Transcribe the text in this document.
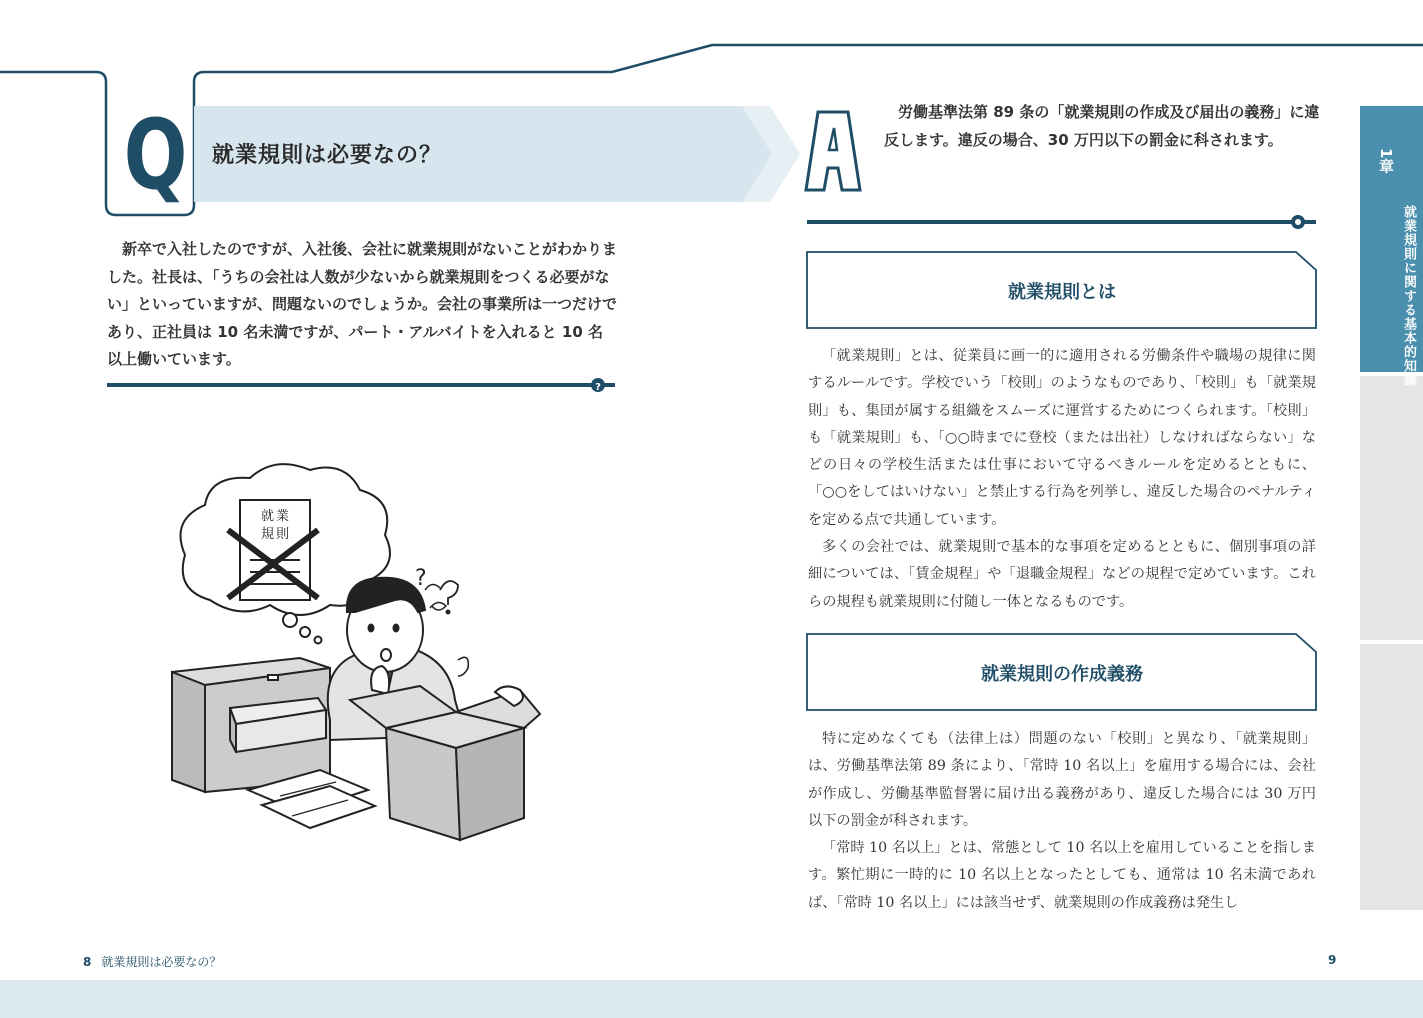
?
Q 就業規則は必要なの？

新卒で入社したのですが、入社後、会社に就業規則がないことがわかりました。社長は、「うちの会社は人数が少ないから就業規則をつくる必要がない」といっていますが、問題ないのでしょうか。会社の事業所は一つだけであり、正社員は 10 名未満ですが、パート・アルバイトを入れると 10 名以上働いています。

就業
規則
?

労働基準法第 89 条の「就業規則の作成及び届出の義務」に違反します。違反の場合、30 万円以下の罰金に科されます。

就業規則とは

「就業規則」とは、従業員に画一的に適用される労働条件や職場の規律に関するルールです。学校でいう「校則」のようなものであり、「校則」も「就業規則」も、集団が属する組織をスムーズに運営するためにつくられます。「校則」も「就業規則」も、「○○時までに登校（または出社）しなければならない」などの日々の学校生活または仕事において守るべきルールを定めるとともに、「○○をしてはいけない」と禁止する行為を列挙し、違反した場合のペナルティを定める点で共通しています。

多くの会社では、就業規則で基本的な事項を定めるとともに、個別事項の詳細については、「賃金規程」や「退職金規程」などの規程で定めています。これらの規程も就業規則に付随し一体となるものです。

就業規則の作成義務

特に定めなくても（法律上は）問題のない「校則」と異なり、「就業規則」は、労働基準法第 89 条により、「常時 10 名以上」を雇用する場合には、会社が作成し、労働基準監督署に届け出る義務があり、違反した場合には 30 万円以下の罰金が科されます。

「常時 10 名以上」とは、常態として 10 名以上を雇用していることを指します。繁忙期に一時的に 10 名以上となったとしても、通常は 10 名未満であれば、「常時 10 名以上」には該当せず、就業規則の作成義務は発生し

1章
就業規則に関する基本的知識
8 就業規則は必要なの？	9
